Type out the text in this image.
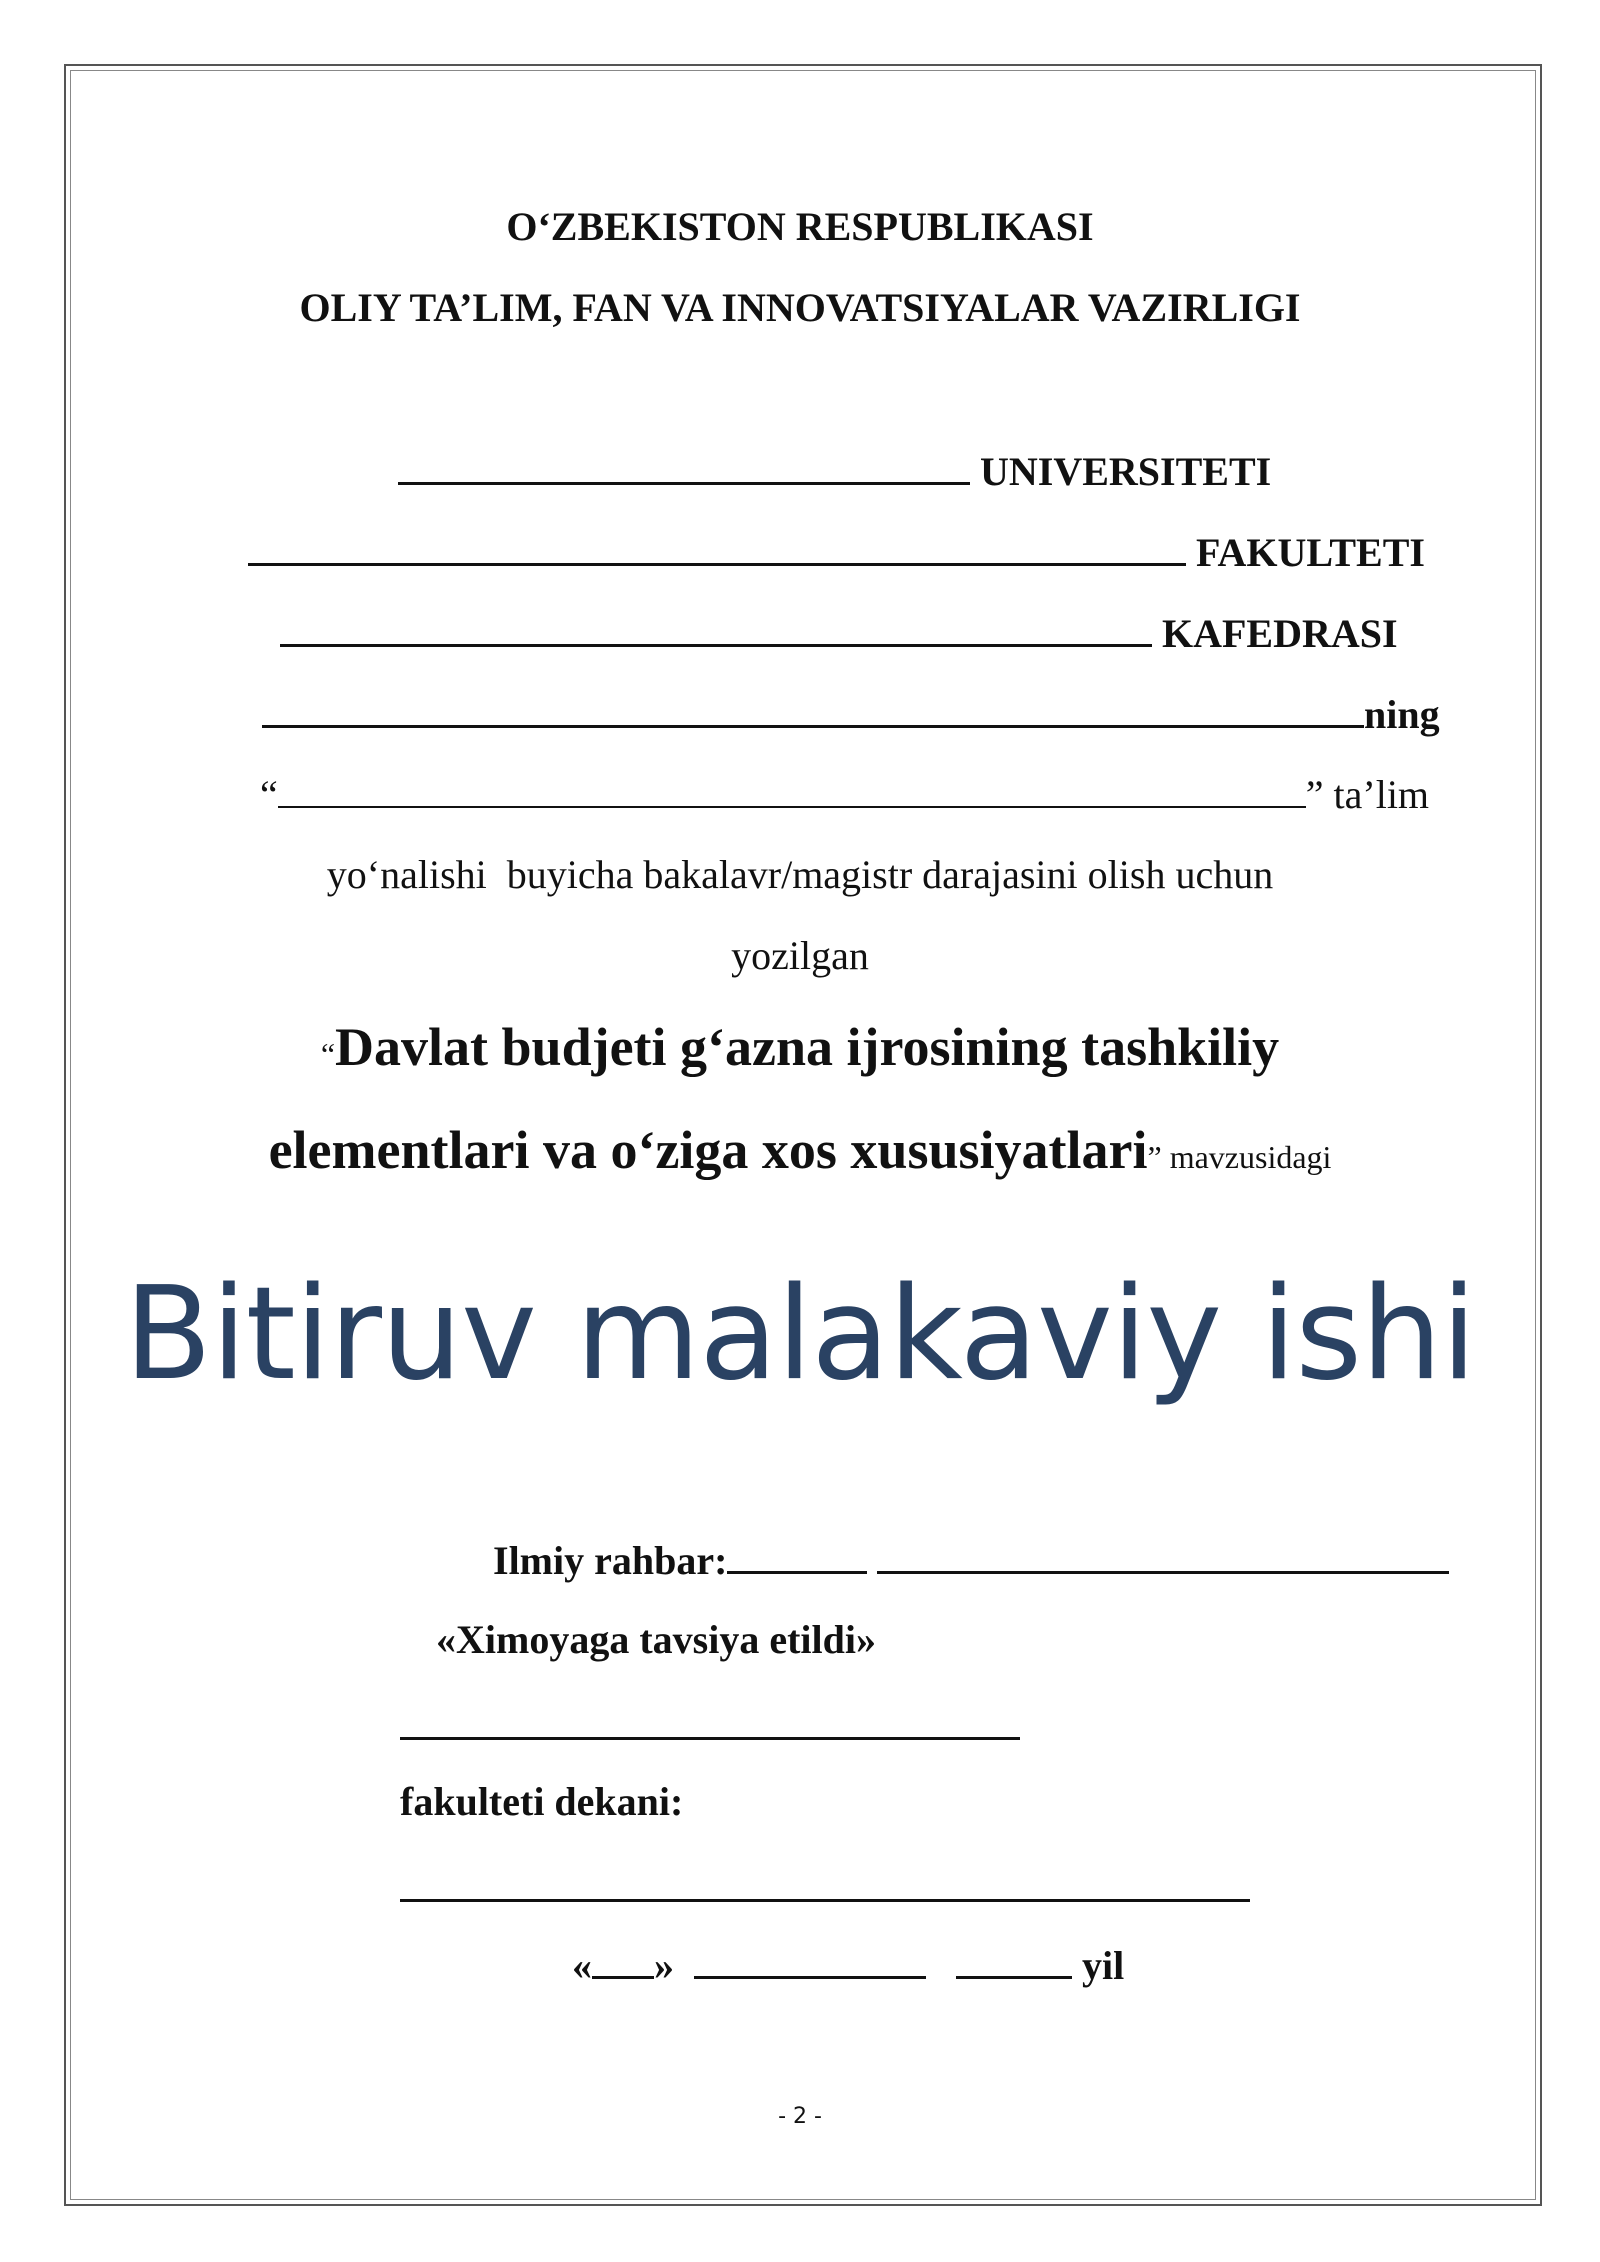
O‘ZBEKISTON RESPUBLIKASI
OLIY TA’LIM, FAN VA INNOVATSIYALAR VAZIRLIGI
UNIVERSITETI
FAKULTETI
KAFEDRASI
ning
“	” ta’lim
yo‘nalishi  buyicha bakalavr/magistr darajasini olish uchun
yozilgan
“Davlat budjeti g‘azna ijrosining tashkiliy
elementlari va o‘ziga xos xususiyatlari” mavzusidagi
Bitiruv malakaviy ishi
Ilmiy rahbar:
«Ximoyaga tavsiya etildi»
fakulteti dekani:
« »	yil
- 2 -
